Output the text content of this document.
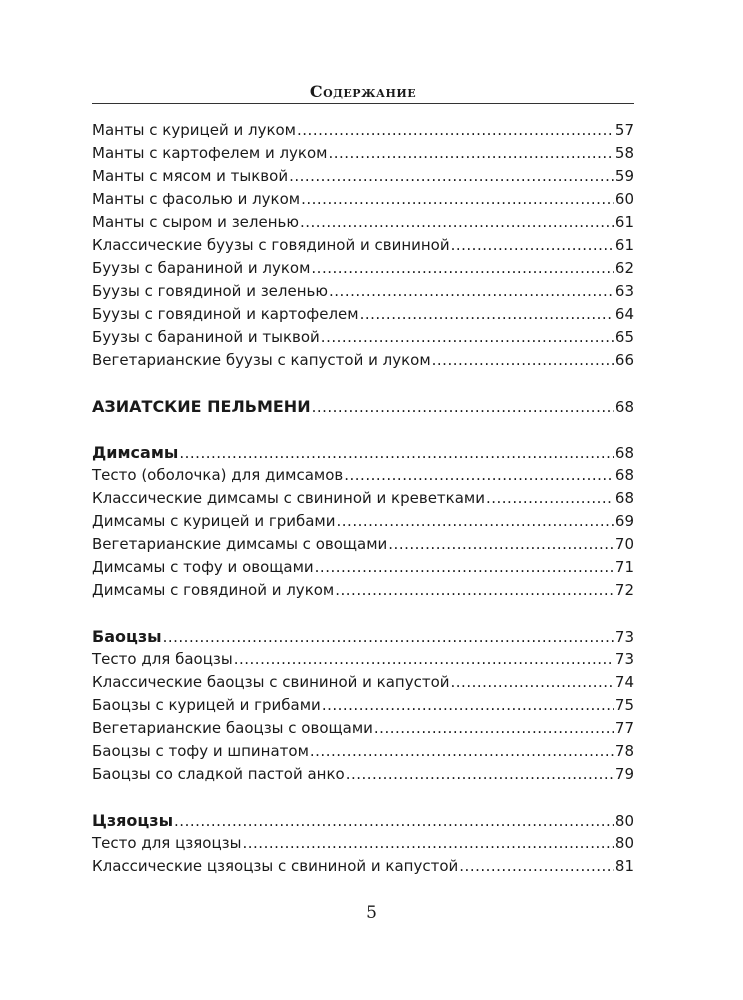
Содержание
Манты с курицей и луком .....	57
Манты с картофелем и луком .....	58
Манты с мясом и тыквой .....	59
Манты с фасолью и луком .....	60
Манты с сыром и зеленью .....	61
Классические буузы с говядиной и свининой .....	61
Буузы с бараниной и луком .....	62
Буузы с говядиной и зеленью .....	63
Буузы с говядиной и картофелем .....	64
Буузы с бараниной и тыквой .....	65
Вегетарианские буузы с капустой и луком .....	66
АЗИАТСКИЕ ПЕЛЬМЕНИ .....	68
Димсамы .....	68
Тесто (оболочка) для димсамов .....	68
Классические димсамы с свининой и креветками .....	68
Димсамы с курицей и грибами .....	69
Вегетарианские димсамы с овощами .....	70
Димсамы с тофу и овощами .....	71
Димсамы с говядиной и луком .....	72
Баоцзы .....	73
Тесто для баоцзы .....	73
Классические баоцзы с свининой и капустой .....	74
Баоцзы с курицей и грибами .....	75
Вегетарианские баоцзы с овощами .....	77
Баоцзы с тофу и шпинатом .....	78
Баоцзы со сладкой пастой анко .....	79
Цзяоцзы .....	80
Тесто для цзяоцзы .....	80
Классические цзяоцзы с свининой и капустой .....	81
5
